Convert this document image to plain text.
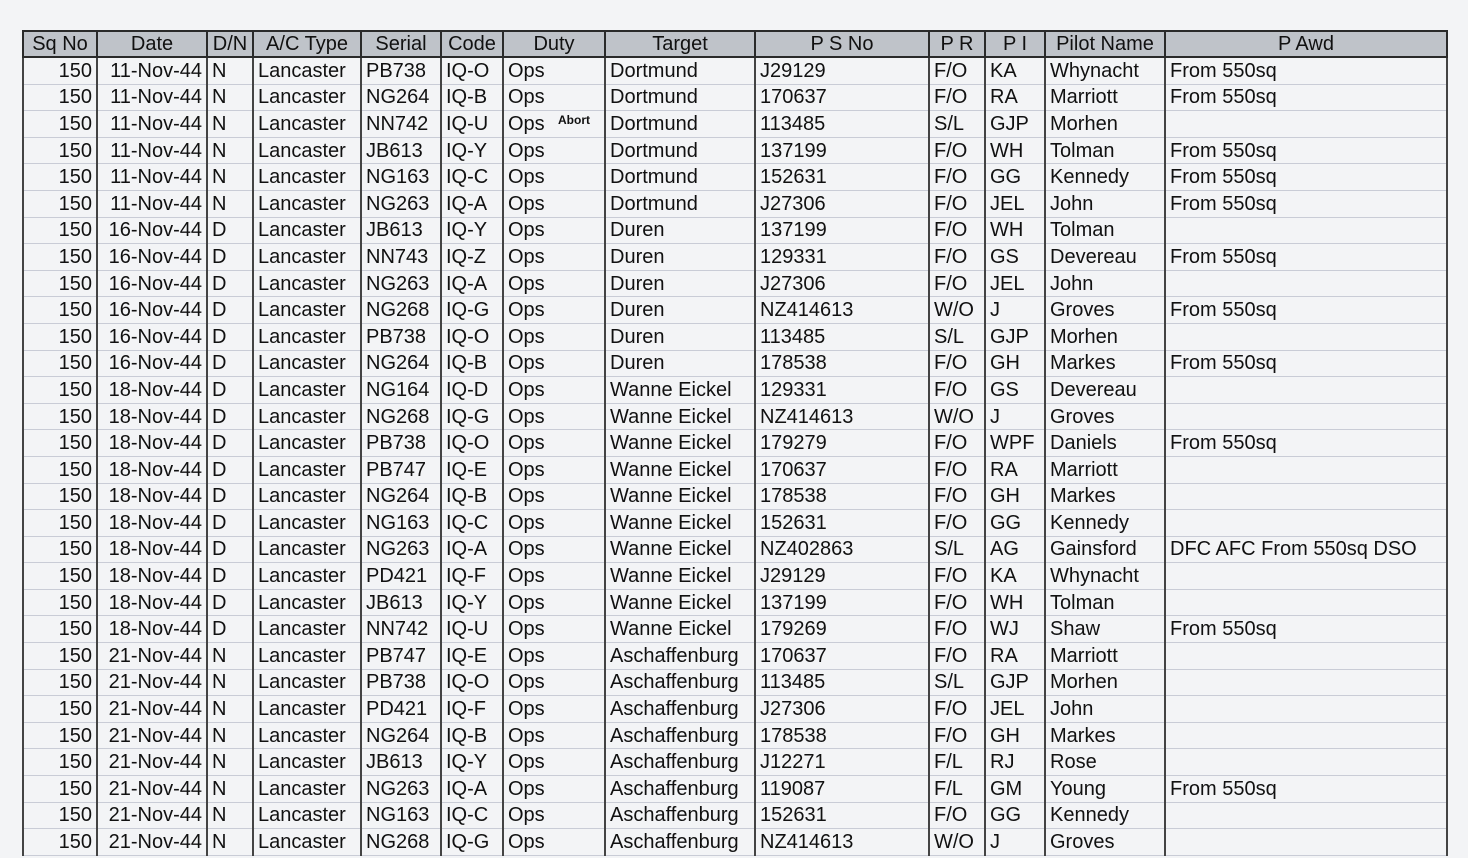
Sq No	Date	D/N	A/C Type	Serial	Code	Duty	Target	P S No	P R	P I	Pilot Name	P Awd
150	11-Nov-44	N	Lancaster	PB738	IQ-O	Ops	Dortmund	J29129	F/O	KA	Whynacht	From 550sq
150	11-Nov-44	N	Lancaster	NG264	IQ-B	Ops	Dortmund	170637	F/O	RA	Marriott	From 550sq
150	11-Nov-44	N	Lancaster	NN742	IQ-U	Ops Abort	Dortmund	113485	S/L	GJP	Morhen	
150	11-Nov-44	N	Lancaster	JB613	IQ-Y	Ops	Dortmund	137199	F/O	WH	Tolman	From 550sq
150	11-Nov-44	N	Lancaster	NG163	IQ-C	Ops	Dortmund	152631	F/O	GG	Kennedy	From 550sq
150	11-Nov-44	N	Lancaster	NG263	IQ-A	Ops	Dortmund	J27306	F/O	JEL	John	From 550sq
150	16-Nov-44	D	Lancaster	JB613	IQ-Y	Ops	Duren	137199	F/O	WH	Tolman	
150	16-Nov-44	D	Lancaster	NN743	IQ-Z	Ops	Duren	129331	F/O	GS	Devereau	From 550sq
150	16-Nov-44	D	Lancaster	NG263	IQ-A	Ops	Duren	J27306	F/O	JEL	John	
150	16-Nov-44	D	Lancaster	NG268	IQ-G	Ops	Duren	NZ414613	W/O	J	Groves	From 550sq
150	16-Nov-44	D	Lancaster	PB738	IQ-O	Ops	Duren	113485	S/L	GJP	Morhen	
150	16-Nov-44	D	Lancaster	NG264	IQ-B	Ops	Duren	178538	F/O	GH	Markes	From 550sq
150	18-Nov-44	D	Lancaster	NG164	IQ-D	Ops	Wanne Eickel	129331	F/O	GS	Devereau	
150	18-Nov-44	D	Lancaster	NG268	IQ-G	Ops	Wanne Eickel	NZ414613	W/O	J	Groves	
150	18-Nov-44	D	Lancaster	PB738	IQ-O	Ops	Wanne Eickel	179279	F/O	WPF	Daniels	From 550sq
150	18-Nov-44	D	Lancaster	PB747	IQ-E	Ops	Wanne Eickel	170637	F/O	RA	Marriott	
150	18-Nov-44	D	Lancaster	NG264	IQ-B	Ops	Wanne Eickel	178538	F/O	GH	Markes	
150	18-Nov-44	D	Lancaster	NG163	IQ-C	Ops	Wanne Eickel	152631	F/O	GG	Kennedy	
150	18-Nov-44	D	Lancaster	NG263	IQ-A	Ops	Wanne Eickel	NZ402863	S/L	AG	Gainsford	DFC AFC From 550sq DSO
150	18-Nov-44	D	Lancaster	PD421	IQ-F	Ops	Wanne Eickel	J29129	F/O	KA	Whynacht	
150	18-Nov-44	D	Lancaster	JB613	IQ-Y	Ops	Wanne Eickel	137199	F/O	WH	Tolman	
150	18-Nov-44	D	Lancaster	NN742	IQ-U	Ops	Wanne Eickel	179269	F/O	WJ	Shaw	From 550sq
150	21-Nov-44	N	Lancaster	PB747	IQ-E	Ops	Aschaffenburg	170637	F/O	RA	Marriott	
150	21-Nov-44	N	Lancaster	PB738	IQ-O	Ops	Aschaffenburg	113485	S/L	GJP	Morhen	
150	21-Nov-44	N	Lancaster	PD421	IQ-F	Ops	Aschaffenburg	J27306	F/O	JEL	John	
150	21-Nov-44	N	Lancaster	NG264	IQ-B	Ops	Aschaffenburg	178538	F/O	GH	Markes	
150	21-Nov-44	N	Lancaster	JB613	IQ-Y	Ops	Aschaffenburg	J12271	F/L	RJ	Rose	
150	21-Nov-44	N	Lancaster	NG263	IQ-A	Ops	Aschaffenburg	119087	F/L	GM	Young	From 550sq
150	21-Nov-44	N	Lancaster	NG163	IQ-C	Ops	Aschaffenburg	152631	F/O	GG	Kennedy	
150	21-Nov-44	N	Lancaster	NG268	IQ-G	Ops	Aschaffenburg	NZ414613	W/O	J	Groves	
